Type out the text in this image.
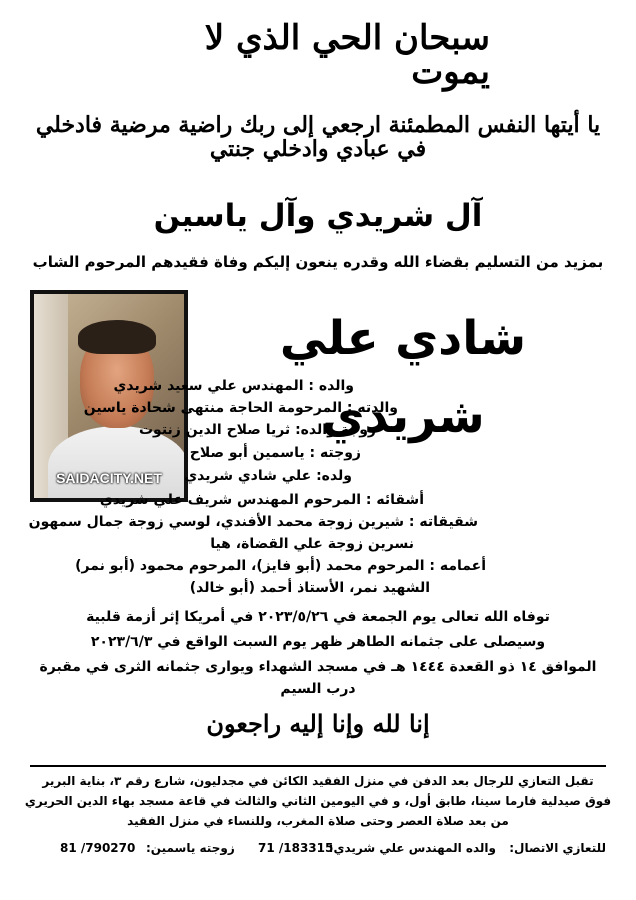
سبحان الحي الذي لا يموت
يا أيتها النفس المطمئنة ارجعي إلى ربك راضية مرضية فادخلي في عبادي وادخلي جنتي
آل شريدي وآل ياسين
بمزيد من التسليم بقضاء الله وقدره ينعون إليكم وفاة فقيدهم المرحوم الشاب
SAIDACITY.NET
شادي علي شريدي
والده : المهندس علي سعيد شريدي
والدته : المرحومة الحاجة منتهى شحادة ياسين
زوجة والده: ثريا صلاح الدين زنتوت
زوجته : ياسمين أبو صلاح
ولده: علي شادي شريدي
أشقائه : المرحوم المهندس شريف علي شريدي
شقيقاته : شيرين زوجة محمد الأفندي، لوسي زوجة جمال سمهون
نسرين زوجة علي القضاة، هيا
أعمامه : المرحوم محمد (أبو فايز)، المرحوم محمود (أبو نمر)
الشهيد نمر، الأستاذ أحمد (أبو خالد)
توفاه الله تعالى يوم الجمعة في ٢٠٢٣/٥/٢٦ في أمريكا إثر أزمة قلبية
وسيصلى على جثمانه الطاهر ظهر يوم السبت الواقع في ٢٠٢٣/٦/٣
الموافق ١٤ ذو القعدة ١٤٤٤ هـ في مسجد الشهداء ويوارى جثمانه الثرى في مقبرة درب السيم
إنا لله وإنا إليه راجعون
تقبل التعازي للرجال بعد الدفن في منزل الفقيد الكائن في مجدليون، شارع رقم ٣، بناية البرير
فوق صيدلية فارما سينا، طابق أول، و في اليومين الثاني والثالث في قاعة مسجد بهاء الدين الحريري
من بعد صلاة العصر وحتى صلاة المغرب، وللنساء في منزل الفقيد
للتعازي الاتصال:
والده المهندس علي شريدي:
71 /183315
زوجته ياسمين:
81 /790270
